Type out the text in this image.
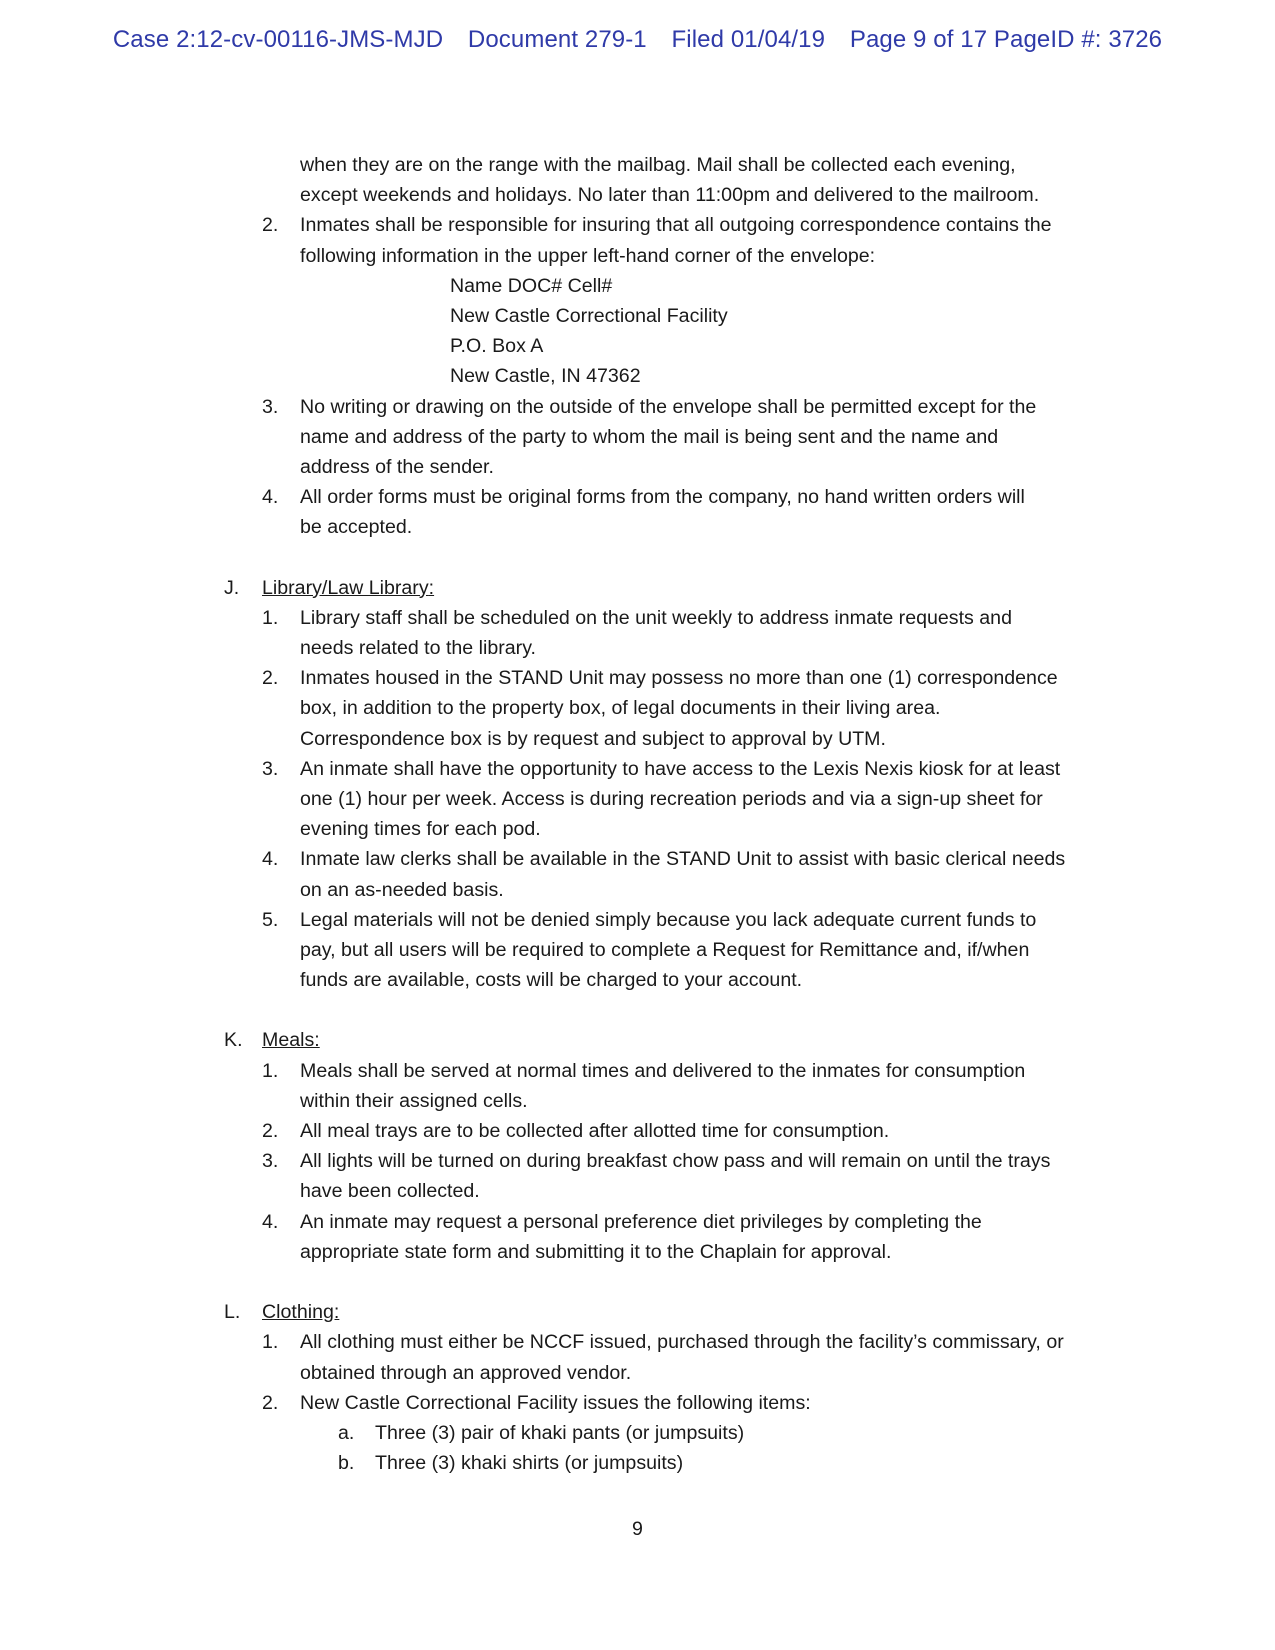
Case 2:12-cv-00116-JMS-MJD Document 279-1 Filed 01/04/19 Page 9 of 17 PageID #: 3726
when they are on the range with the mailbag. Mail shall be collected each evening,
except weekends and holidays. No later than 11:00pm and delivered to the mailroom.
2. Inmates shall be responsible for insuring that all outgoing correspondence contains the
following information in the upper left-hand corner of the envelope:
Name DOC# Cell#
New Castle Correctional Facility
P.O. Box A
New Castle, IN 47362
3. No writing or drawing on the outside of the envelope shall be permitted except for the
name and address of the party to whom the mail is being sent and the name and
address of the sender.
4. All order forms must be original forms from the company, no hand written orders will
be accepted.
J. Library/Law Library:
1. Library staff shall be scheduled on the unit weekly to address inmate requests and
needs related to the library.
2. Inmates housed in the STAND Unit may possess no more than one (1) correspondence
box, in addition to the property box, of legal documents in their living area.
Correspondence box is by request and subject to approval by UTM.
3. An inmate shall have the opportunity to have access to the Lexis Nexis kiosk for at least
one (1) hour per week. Access is during recreation periods and via a sign-up sheet for
evening times for each pod.
4. Inmate law clerks shall be available in the STAND Unit to assist with basic clerical needs
on an as-needed basis.
5. Legal materials will not be denied simply because you lack adequate current funds to
pay, but all users will be required to complete a Request for Remittance and, if/when
funds are available, costs will be charged to your account.
K. Meals:
1. Meals shall be served at normal times and delivered to the inmates for consumption
within their assigned cells.
2. All meal trays are to be collected after allotted time for consumption.
3. All lights will be turned on during breakfast chow pass and will remain on until the trays
have been collected.
4. An inmate may request a personal preference diet privileges by completing the
appropriate state form and submitting it to the Chaplain for approval.
L. Clothing:
1. All clothing must either be NCCF issued, purchased through the facility’s commissary, or
obtained through an approved vendor.
2. New Castle Correctional Facility issues the following items:
a. Three (3) pair of khaki pants (or jumpsuits)
b. Three (3) khaki shirts (or jumpsuits)
9
